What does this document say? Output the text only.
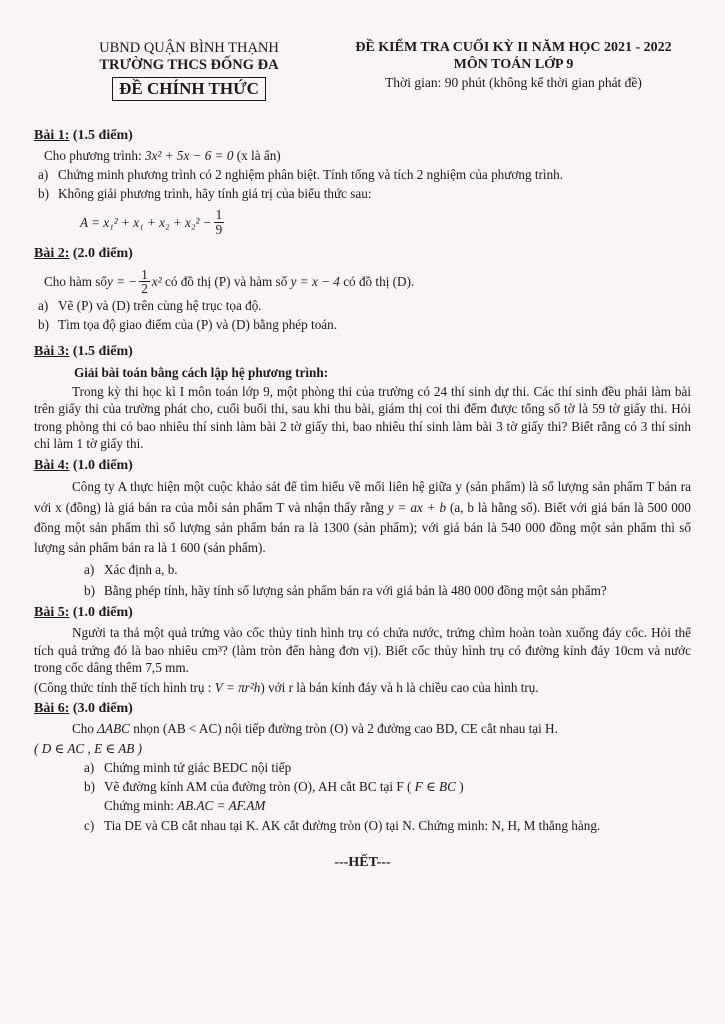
UBND QUẬN BÌNH THẠNH
TRƯỜNG THCS ĐỐNG ĐA
ĐỀ CHÍNH THỨC
ĐỀ KIỂM TRA CUỐI KỲ II NĂM HỌC 2021 - 2022
MÔN TOÁN LỚP 9
Thời gian: 90 phút (không kể thời gian phát đề)
Bài 1: (1.5 điểm)
Cho phương trình: 3x² + 5x − 6 = 0 (x là ẩn)
a) Chứng minh phương trình có 2 nghiệm phân biệt. Tính tổng và tích 2 nghiệm của phương trình.
b) Không giải phương trình, hãy tính giá trị của biểu thức sau:
$A = x_1^2 + x_1 + x_2 + x_2^2 - \frac{1}{9}$
Bài 2: (2.0 điểm)
Cho hàm số y = − $\frac{1}{2} x^2$ có đồ thị (P) và hàm số y = x − 4 có đồ thị (D).
a) Vẽ (P) và (D) trên cùng hệ trục tọa độ.
b) Tìm tọa độ giao điểm của (P) và (D) bằng phép toán.
Bài 3: (1.5 điểm)
Giải bài toán bằng cách lập hệ phương trình:
Trong kỳ thi học kì I môn toán lớp 9, một phòng thi của trường có 24 thí sinh dự thi. Các thí sinh đều phải làm bài trên giấy thi của trường phát cho, cuối buổi thi, sau khi thu bài, giám thị coi thi đếm được tổng số tờ là 59 tờ giấy thi. Hỏi trong phòng thi có bao nhiêu thí sinh làm bài 2 tờ giấy thi, bao nhiêu thí sinh làm bài 3 tờ giấy thi? Biết rằng có 3 thí sinh chỉ làm 1 tờ giấy thi.
Bài 4: (1.0 điểm)
Công ty A thực hiện một cuộc khảo sát để tìm hiểu về mối liên hệ giữa y (sản phẩm) là số lượng sản phẩm T bán ra với x (đồng) là giá bán ra của mỗi sản phẩm T và nhận thấy rằng y = ax + b (a, b là hằng số). Biết với giá bán là 500 000 đồng một sản phẩm thì số lượng sản phẩm bán ra là 1300 (sản phẩm); với giá bán là 540 000 đồng một sản phẩm thì số lượng sản phẩm bán ra là 1 600 (sản phẩm).
a) Xác định a, b.
b) Bằng phép tính, hãy tính số lượng sản phẩm bán ra với giá bán là 480 000 đồng một sản phẩm?
Bài 5: (1.0 điểm)
Người ta thả một quả trứng vào cốc thủy tinh hình trụ có chứa nước, trứng chìm hoàn toàn xuống đáy cốc. Hỏi thể tích quả trứng đó là bao nhiêu cm³? (làm tròn đến hàng đơn vị). Biết cốc thủy hình trụ có đường kính đáy 10cm và nước trong cốc dâng thêm 7,5 mm.
(Công thức tính thể tích hình trụ : V = πr²h) với r là bán kính đáy và h là chiều cao của hình trụ.
Bài 6: (3.0 điểm)
Cho ΔABC nhọn (AB < AC) nội tiếp đường tròn (O) và 2 đường cao BD, CE cắt nhau tại H.
( D ∈ AC , E ∈ AB )
a) Chứng minh tứ giác BEDC nội tiếp
b) Vẽ đường kính AM của đường tròn (O), AH cắt BC tại F ( F ∈ BC )
Chứng minh: AB.AC = AF.AM
c) Tia DE và CB cắt nhau tại K. AK cắt đường tròn (O) tại N. Chứng minh: N, H, M thẳng hàng.
---HẾT---
